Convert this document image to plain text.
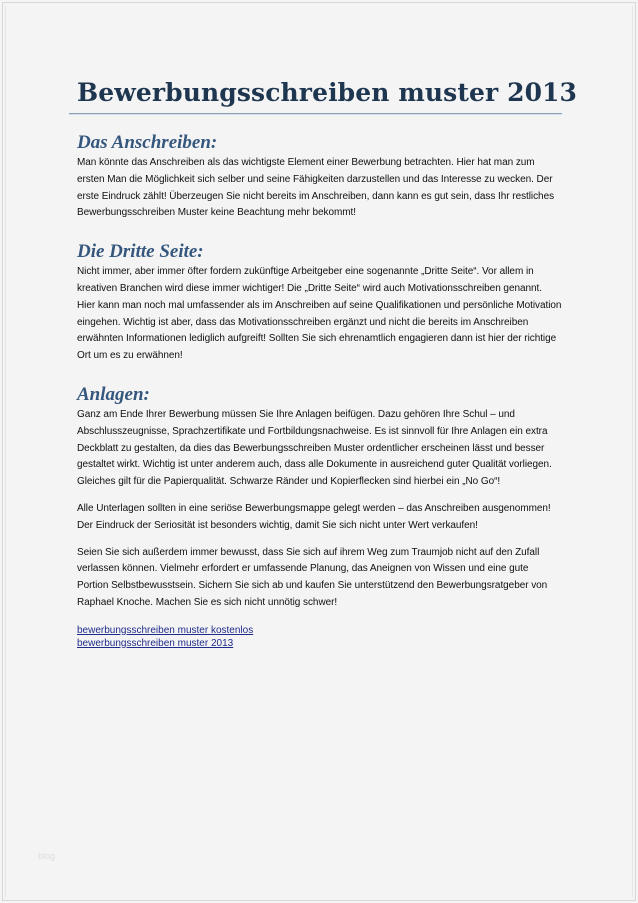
Bewerbungsschreiben muster 2013
Das Anschreiben:

Man könnte das Anschreiben als das wichtigste Element einer Bewerbung betrachten. Hier hat man zum ersten Man die Möglichkeit sich selber und seine Fähigkeiten darzustellen und das Interesse zu wecken. Der erste Eindruck zählt! Überzeugen Sie nicht bereits im Anschreiben, dann kann es gut sein, dass Ihr restliches Bewerbungsschreiben Muster keine Beachtung mehr bekommt!

Die Dritte Seite:

Nicht immer, aber immer öfter fordern zukünftige Arbeitgeber eine sogenannte „Dritte Seite“. Vor allem in kreativen Branchen wird diese immer wichtiger! Die „Dritte Seite“ wird auch Motivationsschreiben genannt. Hier kann man noch mal umfassender als im Anschreiben auf seine Qualifikationen und persönliche Motivation eingehen. Wichtig ist aber, dass das Motivationsschreiben ergänzt und nicht die bereits im Anschreiben erwähnten Informationen lediglich aufgreift! Sollten Sie sich ehrenamtlich engagieren dann ist hier der richtige Ort um es zu erwähnen!

Anlagen:

Ganz am Ende Ihrer Bewerbung müssen Sie Ihre Anlagen beifügen. Dazu gehören Ihre Schul – und Abschlusszeugnisse, Sprachzertifikate und Fortbildungsnachweise. Es ist sinnvoll für Ihre Anlagen ein extra Deckblatt zu gestalten, da dies das Bewerbungsschreiben Muster ordentlicher erscheinen lässt und besser gestaltet wirkt. Wichtig ist unter anderem auch, dass alle Dokumente in ausreichend guter Qualität vorliegen. Gleiches gilt für die Papierqualität. Schwarze Ränder und Kopierflecken sind hierbei ein „No Go“!

Alle Unterlagen sollten in eine seriöse Bewerbungsmappe gelegt werden – das Anschreiben ausgenommen! Der Eindruck der Seriosität ist besonders wichtig, damit Sie sich nicht unter Wert verkaufen!

Seien Sie sich außerdem immer bewusst, dass Sie sich auf ihrem Weg zum Traumjob nicht auf den Zufall verlassen können. Vielmehr erfordert er umfassende Planung, das Aneignen von Wissen und eine gute Portion Selbstbewusstsein. Sichern Sie sich ab und kaufen Sie unterstützend den Bewerbungsratgeber von Raphael Knoche. Machen Sie es sich nicht unnötig schwer!

bewerbungsschreiben muster kostenlos
bewerbungsschreiben muster 2013
blog
